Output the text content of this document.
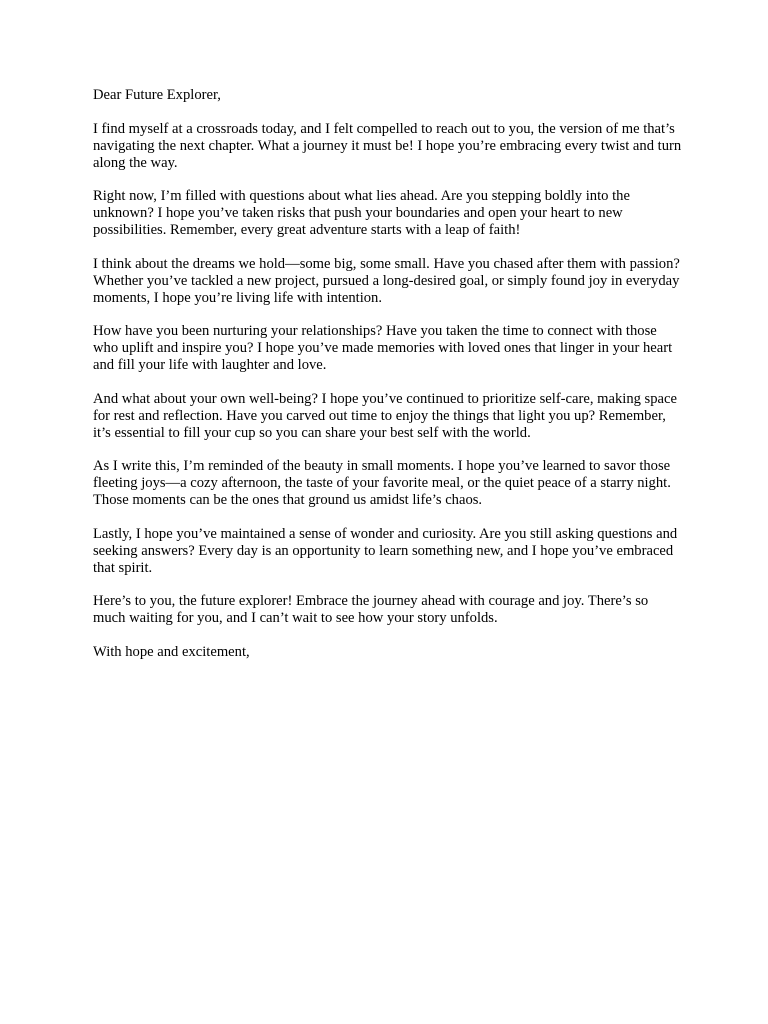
Dear Future Explorer,

I find myself at a crossroads today, and I felt compelled to reach out to you, the version of me that’s navigating the next chapter. What a journey it must be! I hope you’re embracing every twist and turn along the way.

Right now, I’m filled with questions about what lies ahead. Are you stepping boldly into the unknown? I hope you’ve taken risks that push your boundaries and open your heart to new possibilities. Remember, every great adventure starts with a leap of faith!

I think about the dreams we hold—some big, some small. Have you chased after them with passion? Whether you’ve tackled a new project, pursued a long-desired goal, or simply found joy in everyday moments, I hope you’re living life with intention.

How have you been nurturing your relationships? Have you taken the time to connect with those who uplift and inspire you? I hope you’ve made memories with loved ones that linger in your heart and fill your life with laughter and love.

And what about your own well-being? I hope you’ve continued to prioritize self-care, making space for rest and reflection. Have you carved out time to enjoy the things that light you up? Remember, it’s essential to fill your cup so you can share your best self with the world.

As I write this, I’m reminded of the beauty in small moments. I hope you’ve learned to savor those fleeting joys—a cozy afternoon, the taste of your favorite meal, or the quiet peace of a starry night. Those moments can be the ones that ground us amidst life’s chaos.

Lastly, I hope you’ve maintained a sense of wonder and curiosity. Are you still asking questions and seeking answers? Every day is an opportunity to learn something new, and I hope you’ve embraced that spirit.

Here’s to you, the future explorer! Embrace the journey ahead with courage and joy. There’s so much waiting for you, and I can’t wait to see how your story unfolds.

With hope and excitement,
